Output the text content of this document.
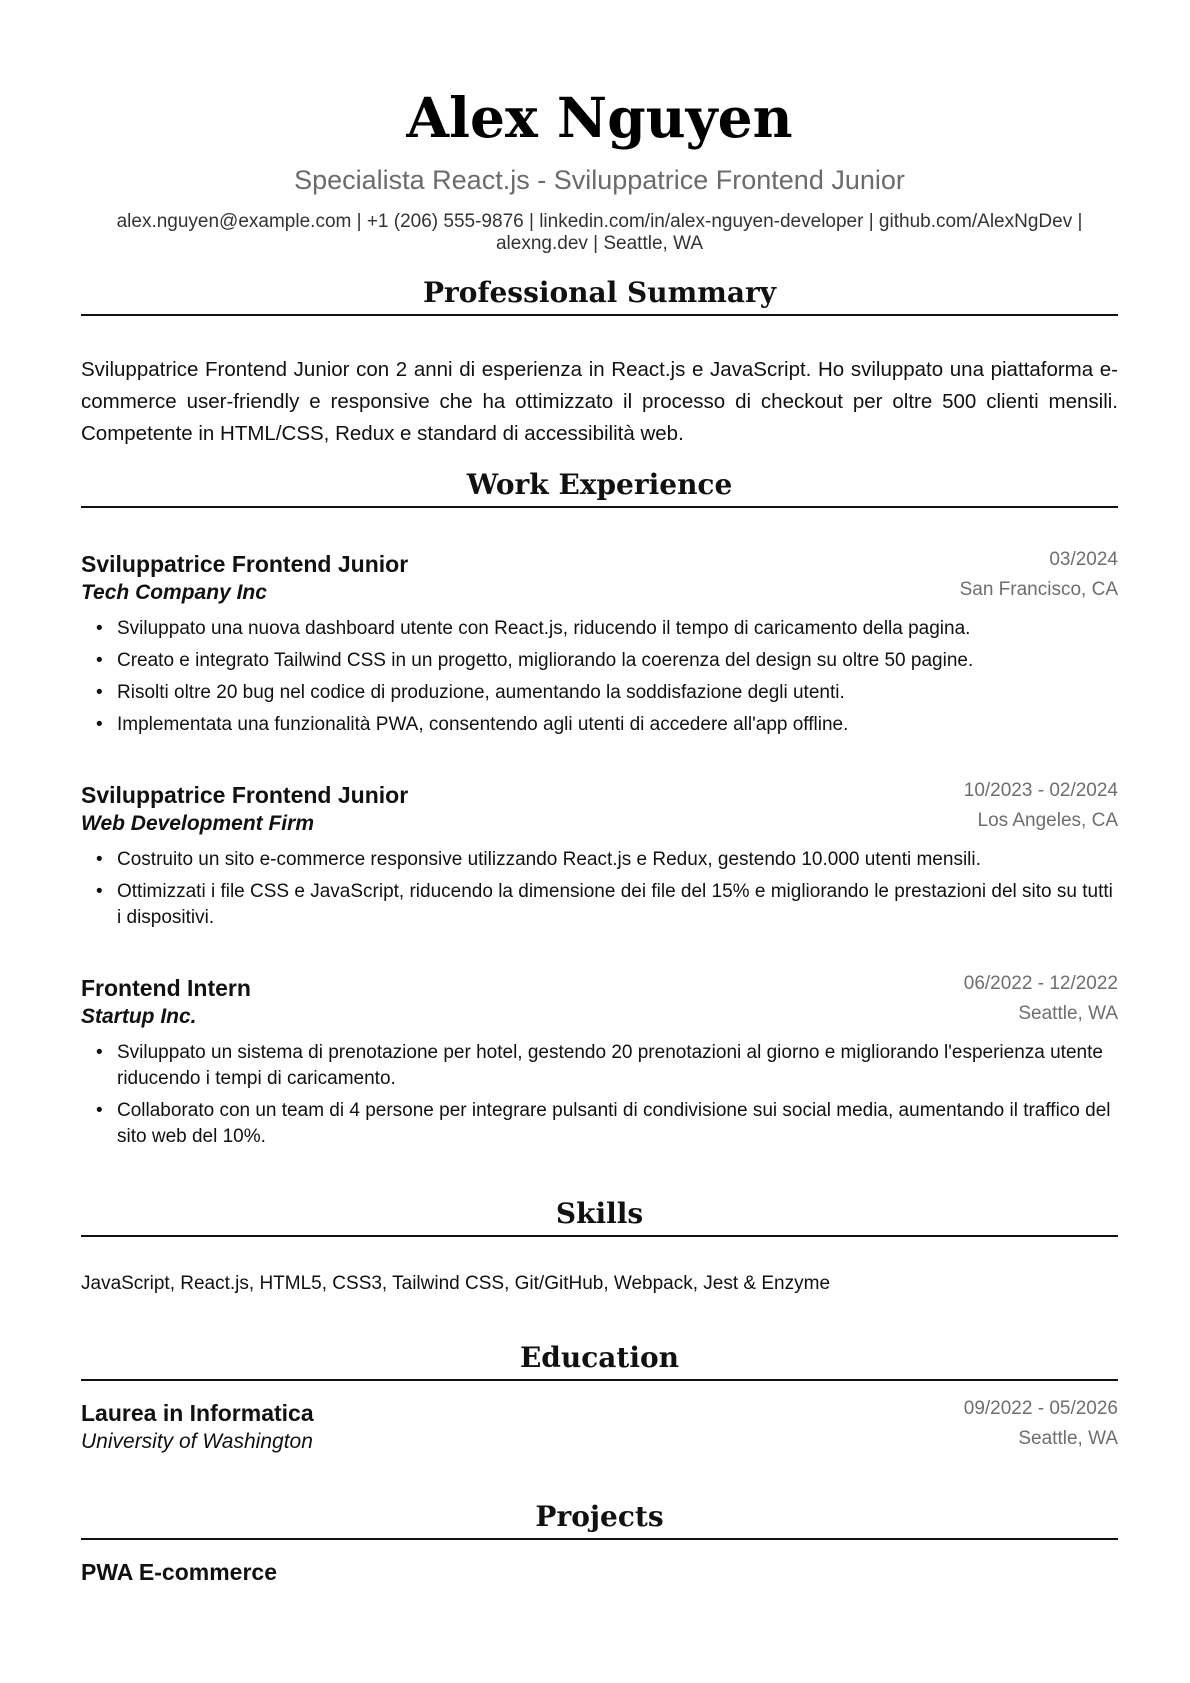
Alex Nguyen

Specialista React.js - Sviluppatrice Frontend Junior

alex.nguyen@example.com | +1 (206) 555-9876 | linkedin.com/in/alex-nguyen-developer | github.com/AlexNgDev |
alexng.dev | Seattle, WA

Professional Summary

Sviluppatrice Frontend Junior con 2 anni di esperienza in React.js e JavaScript. Ho sviluppato una piattaforma e-commerce user-friendly e responsive che ha ottimizzato il processo di checkout per oltre 500 clienti mensili. Competente in HTML/CSS, Redux e standard di accessibilità web.

Work Experience
Sviluppatrice Frontend Junior	03/2024
Tech Company Inc	San Francisco, CA
• Sviluppato una nuova dashboard utente con React.js, riducendo il tempo di caricamento della pagina.
• Creato e integrato Tailwind CSS in un progetto, migliorando la coerenza del design su oltre 50 pagine.
• Risolti oltre 20 bug nel codice di produzione, aumentando la soddisfazione degli utenti.
• Implementata una funzionalità PWA, consentendo agli utenti di accedere all'app offline.
Sviluppatrice Frontend Junior	10/2023 - 02/2024
Web Development Firm	Los Angeles, CA
• Costruito un sito e-commerce responsive utilizzando React.js e Redux, gestendo 10.000 utenti mensili.
• Ottimizzati i file CSS e JavaScript, riducendo la dimensione dei file del 15% e migliorando le prestazioni del sito su tutti i dispositivi.
Frontend Intern	06/2022 - 12/2022
Startup Inc.	Seattle, WA
• Sviluppato un sistema di prenotazione per hotel, gestendo 20 prenotazioni al giorno e migliorando l'esperienza utente riducendo i tempi di caricamento.
• Collaborato con un team di 4 persone per integrare pulsanti di condivisione sui social media, aumentando il traffico del sito web del 10%.
Skills

JavaScript, React.js, HTML5, CSS3, Tailwind CSS, Git/GitHub, Webpack, Jest & Enzyme

Education
Laurea in Informatica	09/2022 - 05/2026
University of Washington	Seattle, WA
Projects
PWA E-commerce
